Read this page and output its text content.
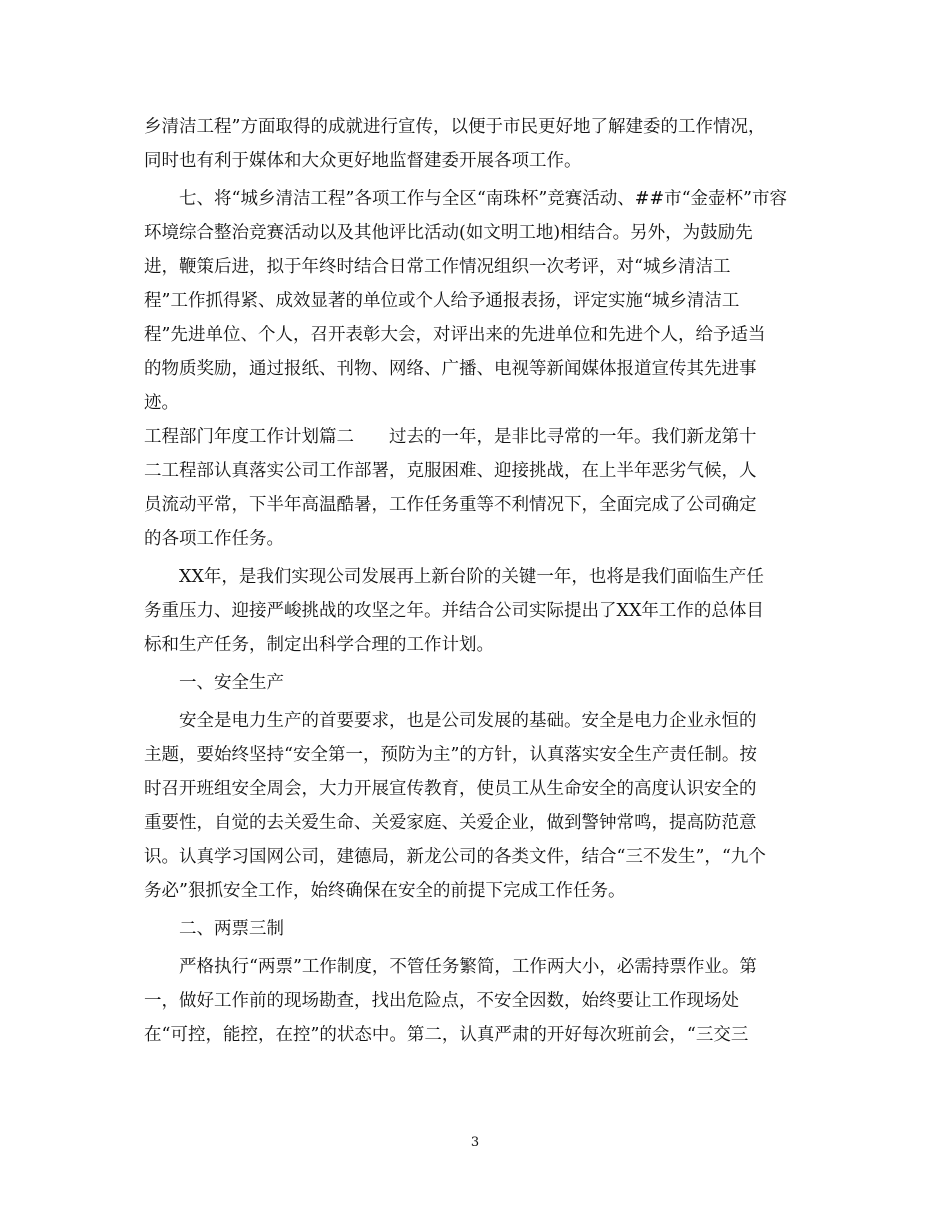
乡清洁工程”方面取得的成就进行宣传，以便于市民更好地了解建委的工作情况，
同时也有利于媒体和大众更好地监督建委开展各项工作。
七、将“城乡清洁工程”各项工作与全区“南珠杯”竞赛活动、##市“金壶杯”市容
环境综合整治竞赛活动以及其他评比活动(如文明工地)相结合。另外，为鼓励先
进，鞭策后进，拟于年终时结合日常工作情况组织一次考评，对“城乡清洁工
程”工作抓得紧、成效显著的单位或个人给予通报表扬，评定实施“城乡清洁工
程”先进单位、个人，召开表彰大会，对评出来的先进单位和先进个人，给予适当
的物质奖励，通过报纸、刊物、网络、广播、电视等新闻媒体报道宣传其先进事
迹。
工程部门年度工作计划篇二　　过去的一年，是非比寻常的一年。我们新龙第十
二工程部认真落实公司工作部署，克服困难、迎接挑战，在上半年恶劣气候，人
员流动平常，下半年高温酷暑，工作任务重等不利情况下，全面完成了公司确定
的各项工作任务。
XX年，是我们实现公司发展再上新台阶的关键一年，也将是我们面临生产任
务重压力、迎接严峻挑战的攻坚之年。并结合公司实际提出了XX年工作的总体目
标和生产任务，制定出科学合理的工作计划。
一、安全生产
安全是电力生产的首要要求，也是公司发展的基础。安全是电力企业永恒的
主题，要始终坚持“安全第一，预防为主”的方针，认真落实安全生产责任制。按
时召开班组安全周会，大力开展宣传教育，使员工从生命安全的高度认识安全的
重要性，自觉的去关爱生命、关爱家庭、关爱企业，做到警钟常鸣，提高防范意
识。认真学习国网公司，建德局，新龙公司的各类文件，结合“三不发生”，“九个
务必”狠抓安全工作，始终确保在安全的前提下完成工作任务。
二、两票三制
严格执行“两票”工作制度，不管任务繁简，工作两大小，必需持票作业。第
一，做好工作前的现场勘查，找出危险点，不安全因数，始终要让工作现场处
在“可控，能控，在控”的状态中。第二，认真严肃的开好每次班前会，“三交三
3
